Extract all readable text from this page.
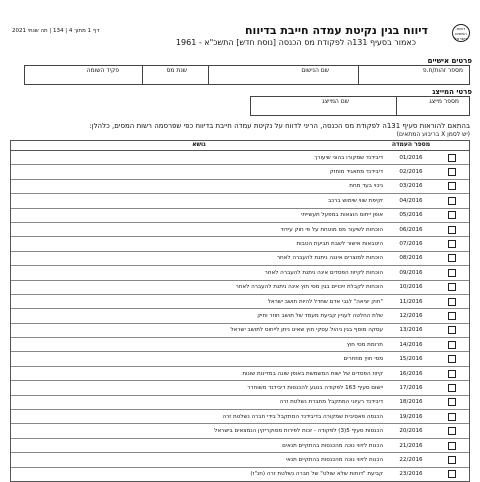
רשות המסים בישראל
דיווח בגין נקיטת עמדה חייבת בדיווח
כאמור בסעיף 131ה לפקודת מס הכנסה [נוסח חדש] התשכ"א - 1961
דף 1 מתוך 4 | 134 | תה שנתי 2021
פרטים אישיים
מספר זהות/ח.פ
שם הנישום
שנת מס
פקיד השומה
פרטי המייצג
מספר מייצג
שם המייצג
בהתאם להוראות סעיף 131ה לפקודת מס הכנסה, הריני לדווח על נקיטת עמדה חייבת בדיווח כפי שפרסמה רשות המסים, כלהלן:
(יש לסמן X בריבוע המתאים)
מספר העמדה
נושא
01/2016
דיבידנד שמקורו בהוני שיעורך
02/2016
דיבידנד מתאגיד מוחזק
03/2016
ניכוי בעד מחת
04/2016
זקיפת שווי שימוש ברכב
05/2016
אופן ייחוס הוצאות במפעל תעשייתי
06/2016
הוכחות לשיעור מס מוטחת על פי חוק עידוד
07/2016
היטבאות אישור לשבת תביעת הטבות
08/2016
הוכחות למוצרים איננה ניתנת להעברה לאחר
09/2016
הוכחות לקיזוז הפסדים אינה ניתנת להעברה לאחר
10/2016
הוכחות לקבלת זיכויים בגין מסי חוץ אינה ניתנת להעברה לאחר
11/2016
"חוק יציאה" לגבי אדם שחדל להיות תושב ישראל
12/2016
שלת החלטה לעניין קביעת מעמד של תושב חוזר ותיק
13/2016
עסקה מוסף בגין ניהול עסקי חוץ שאינו ניתן לייחוס לתושב ישראל
14/2016
תרומת מסי חוץ
15/2016
מסי חוץ מוזחרים
16/2016
קיזוז הפסדים של ישות המשמשת באופן שונה במדינות שונות
17/2016
יישום סעיף 163 לפקודה בנוגע להכנסות דיבידנד משוחרר
18/2016
דיבידנד רעיוני המתקבל מחברת נשלטת זרה
19/2016
הכנסה פאסיבית שמקורה בדיבידנד המתקבל בידי חברה נשלטת זרה
20/2016
הכנסות סעיף 5(3) לפקודה - זכות לפירות מסוקריקין הנמצאים בישראל
21/2016
הכנות לזיווי נוכה מהכנסות בהתקיים תנאים
22/2016
הכנות לזיווי נוכה מהכנסות בהתקיים תנאי
23/2016
קביעת "דוחות שלא שולט" של חברה נשלטת זרה (חנ"ז)
